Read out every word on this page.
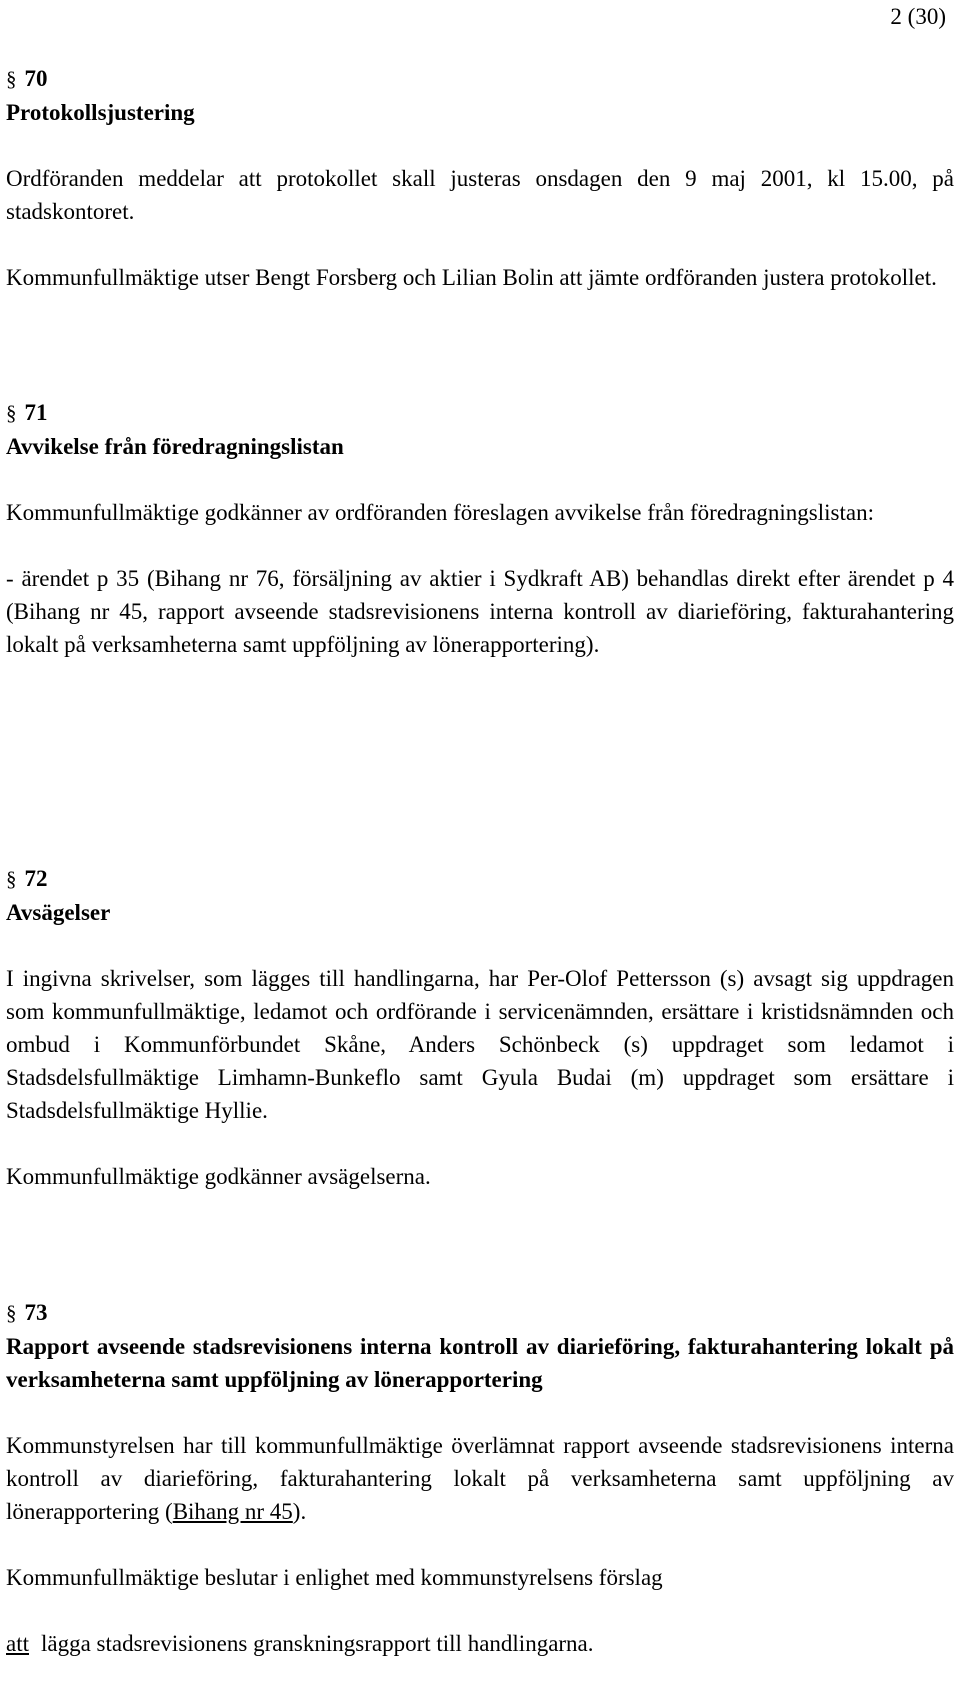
2 (30)
§ 70
Protokollsjustering

Ordföranden meddelar att protokollet skall justeras onsdagen den 9 maj 2001, kl 15.00, på stadskontoret.

Kommunfullmäktige utser Bengt Forsberg och Lilian Bolin att jämte ordföranden justera protokollet.

§ 71
Avvikelse från föredragningslistan

Kommunfullmäktige godkänner av ordföranden föreslagen avvikelse från föredragningslistan:

- ärendet p 35 (Bihang nr 76, försäljning av aktier i Sydkraft AB) behandlas direkt efter ärendet p 4 (Bihang nr 45, rapport avseende stadsrevisionens interna kontroll av diarieföring, fakturahantering lokalt på verksamheterna samt uppföljning av lönerapportering).

§ 72
Avsägelser

I ingivna skrivelser, som lägges till handlingarna, har Per-Olof Pettersson (s) avsagt sig uppdragen som kommunfullmäktige, ledamot och ordförande i servicenämnden, ersättare i kristidsnämnden och ombud i Kommunförbundet Skåne, Anders Schönbeck (s) uppdraget som ledamot i Stadsdelsfullmäktige Limhamn-Bunkeflo samt Gyula Budai (m) uppdraget som ersättare i Stadsdelsfullmäktige Hyllie.

Kommunfullmäktige godkänner avsägelserna.

§ 73

Rapport avseende stadsrevisionens interna kontroll av diarieföring, fakturahantering lokalt på verksamheterna samt uppföljning av lönerapportering

Kommunstyrelsen har till kommunfullmäktige överlämnat rapport avseende stadsrevisionens interna kontroll av diarieföring, fakturahantering lokalt på verksamheterna samt uppföljning av lönerapportering (Bihang nr 45).

Kommunfullmäktige beslutar i enlighet med kommunstyrelsens förslag

att lägga stadsrevisionens granskningsrapport till handlingarna.
